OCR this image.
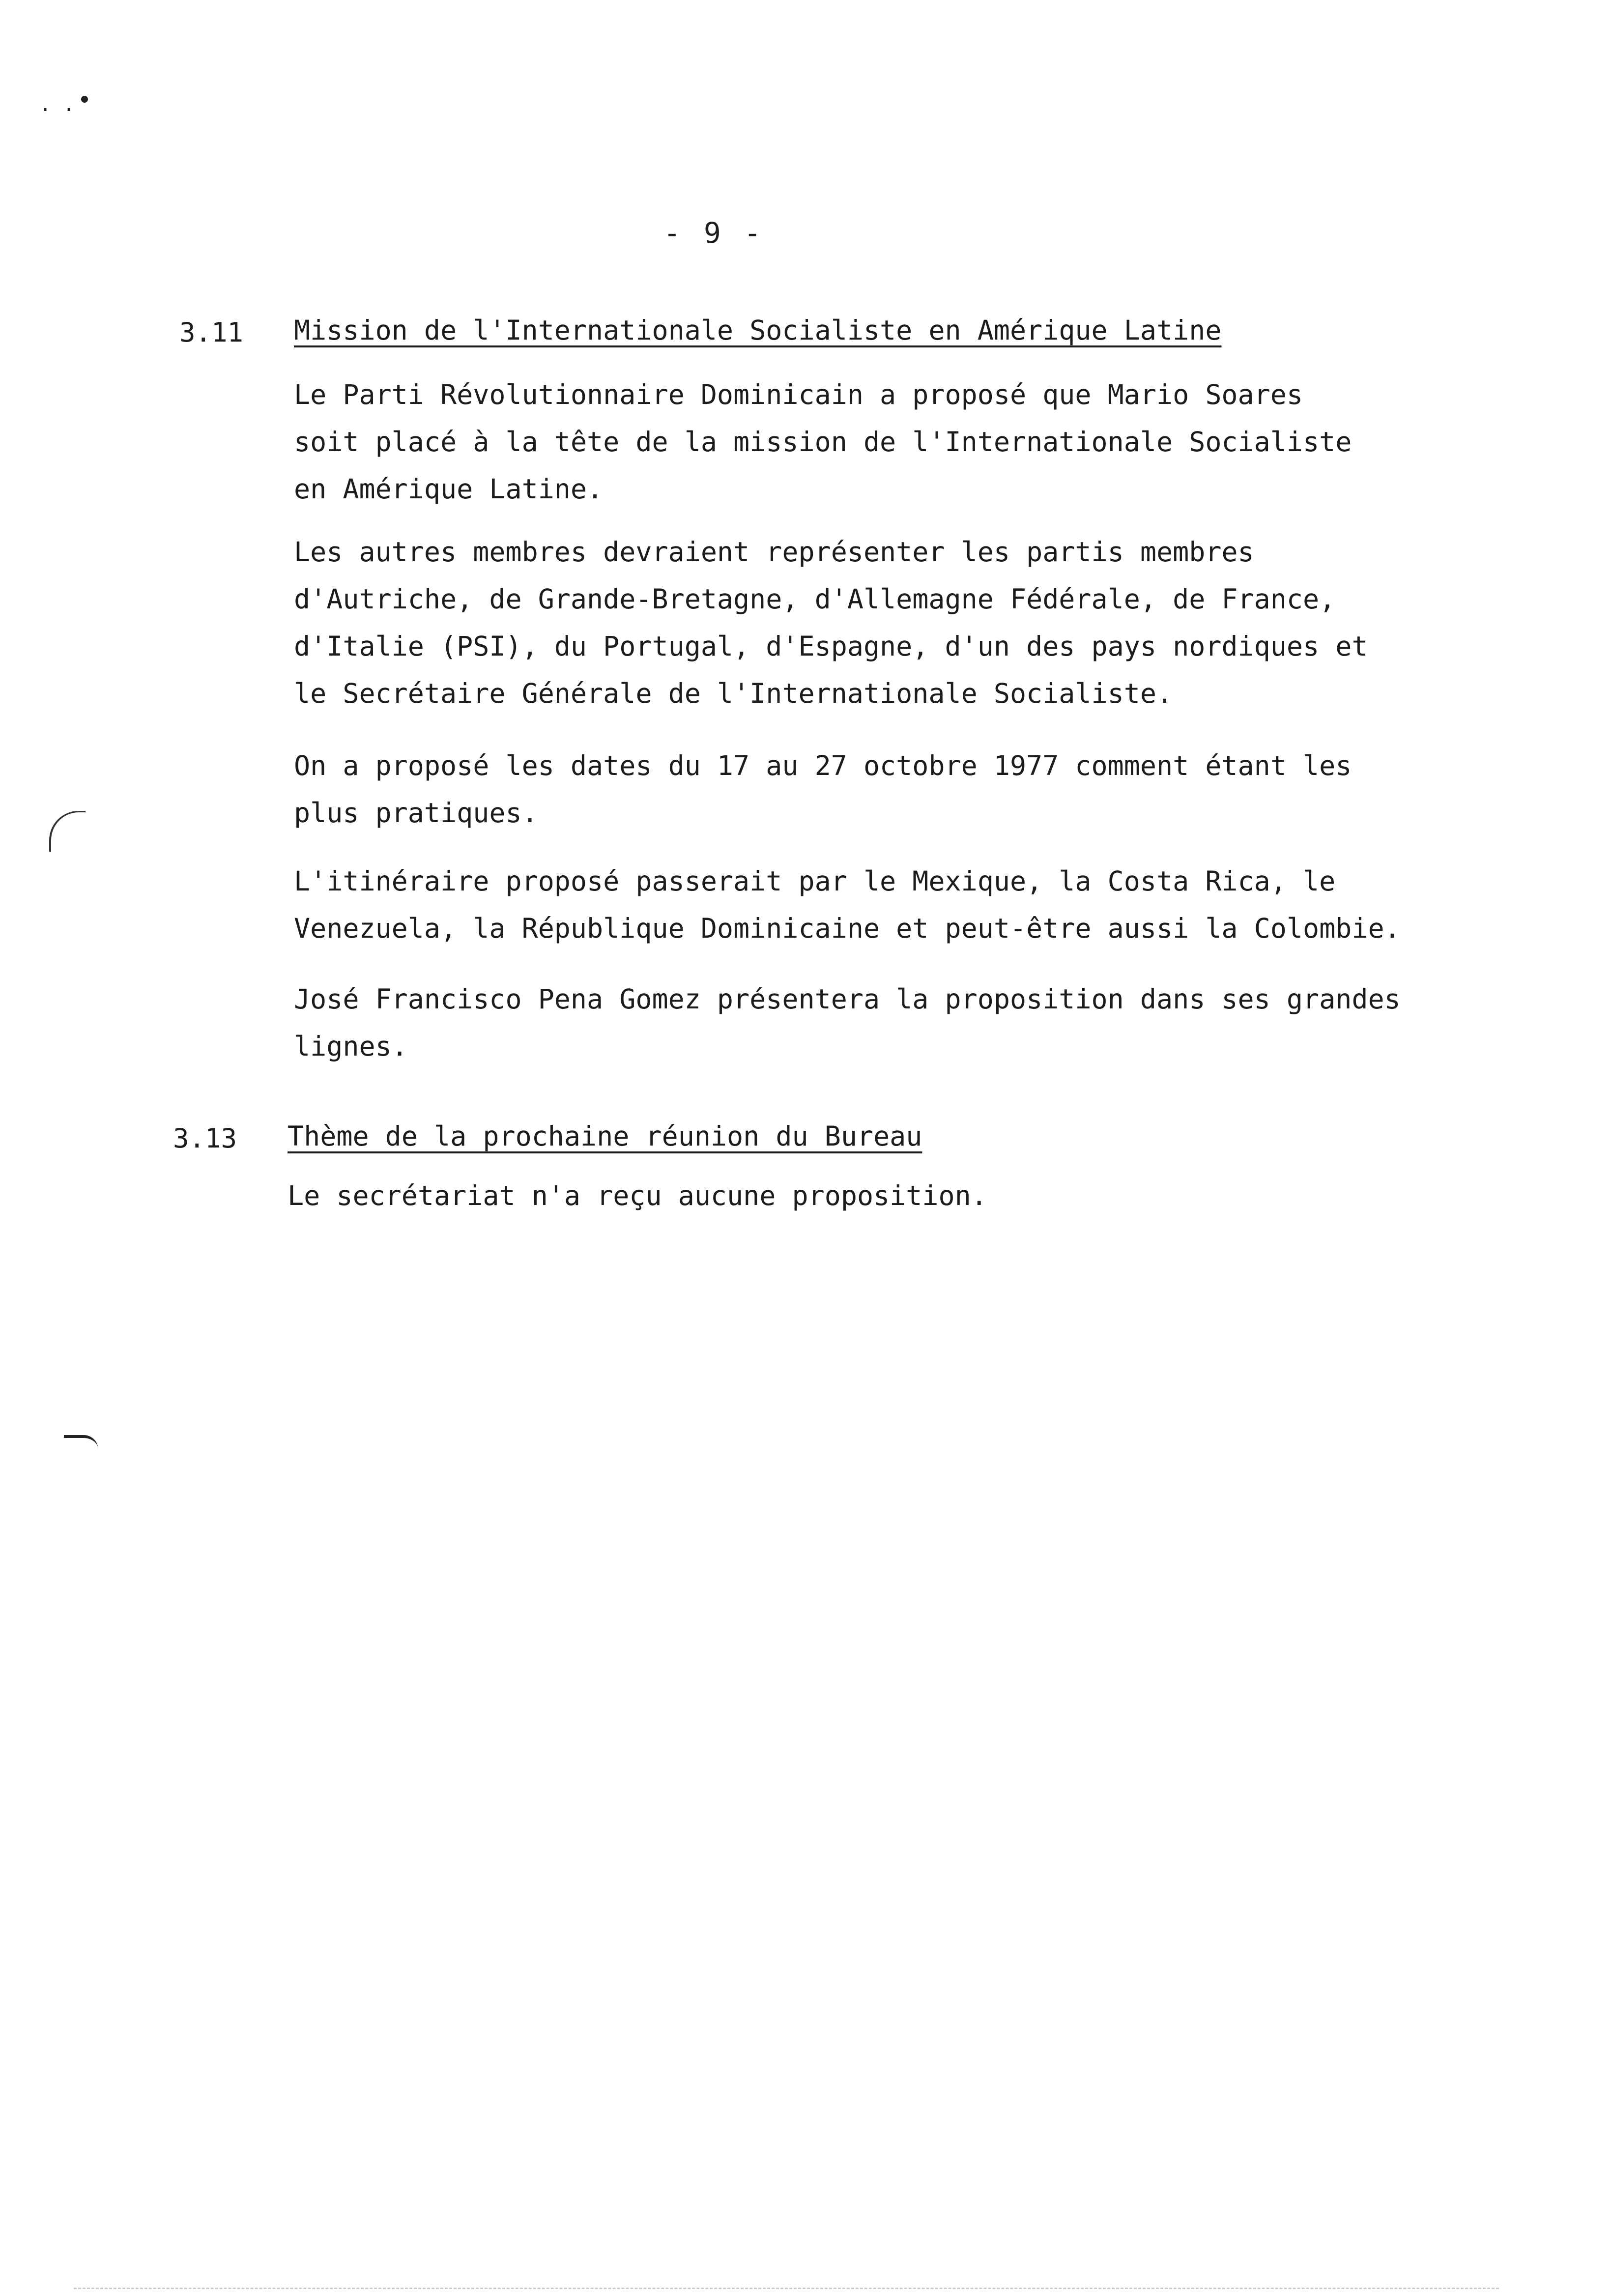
. .
- 9 -
3.11 Mission de l'Internationale Socialiste en Amérique Latine

Le Parti Révolutionnaire Dominicain a proposé que Mario Soares
soit placé à la tête de la mission de l'Internationale Socialiste
en Amérique Latine.

Les autres membres devraient représenter les partis membres
d'Autriche, de Grande-Bretagne, d'Allemagne Fédérale, de France,
d'Italie (PSI), du Portugal, d'Espagne, d'un des pays nordiques et
le Secrétaire Générale de l'Internationale Socialiste.

On a proposé les dates du 17 au 27 octobre 1977 comment étant les
plus pratiques.

L'itinéraire proposé passerait par le Mexique, la Costa Rica, le
Venezuela, la République Dominicaine et peut-être aussi la Colombie.

José Francisco Pena Gomez présentera la proposition dans ses grandes
lignes.

3.13 Thème de la prochaine réunion du Bureau

Le secrétariat n'a reçu aucune proposition.
